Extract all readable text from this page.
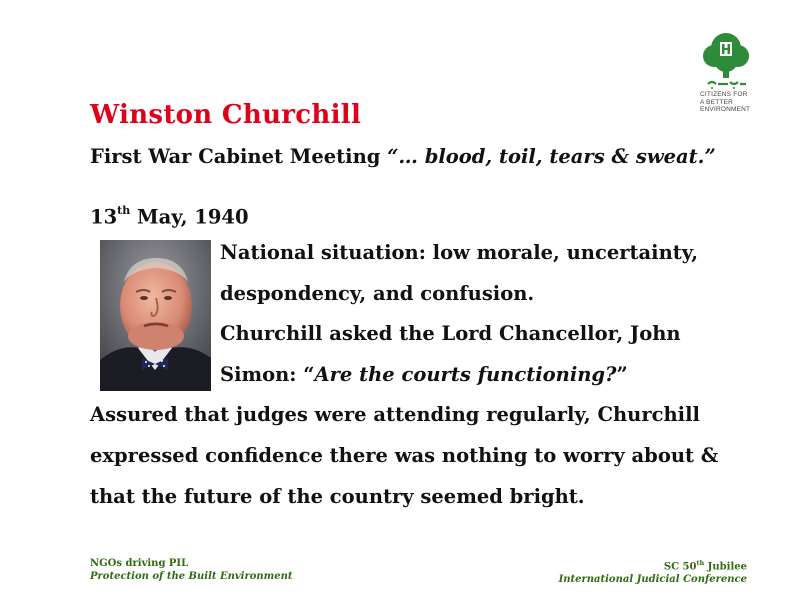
CITIZENS FOR
A BETTER
ENVIRONMENT
Winston Churchill

First War Cabinet Meeting “… blood, toil, tears & sweat.”

13th May, 1940

National situation: low morale, uncertainty, despondency, and confusion.

Churchill asked the Lord Chancellor, John Simon: “Are the courts functioning?”

Assured that judges were attending regularly, Churchill expressed confidence there was nothing to worry about & that the future of the country seemed bright.

NGOs driving PIL
Protection of the Built Environment
SC 50th Jubilee
International Judicial Conference
